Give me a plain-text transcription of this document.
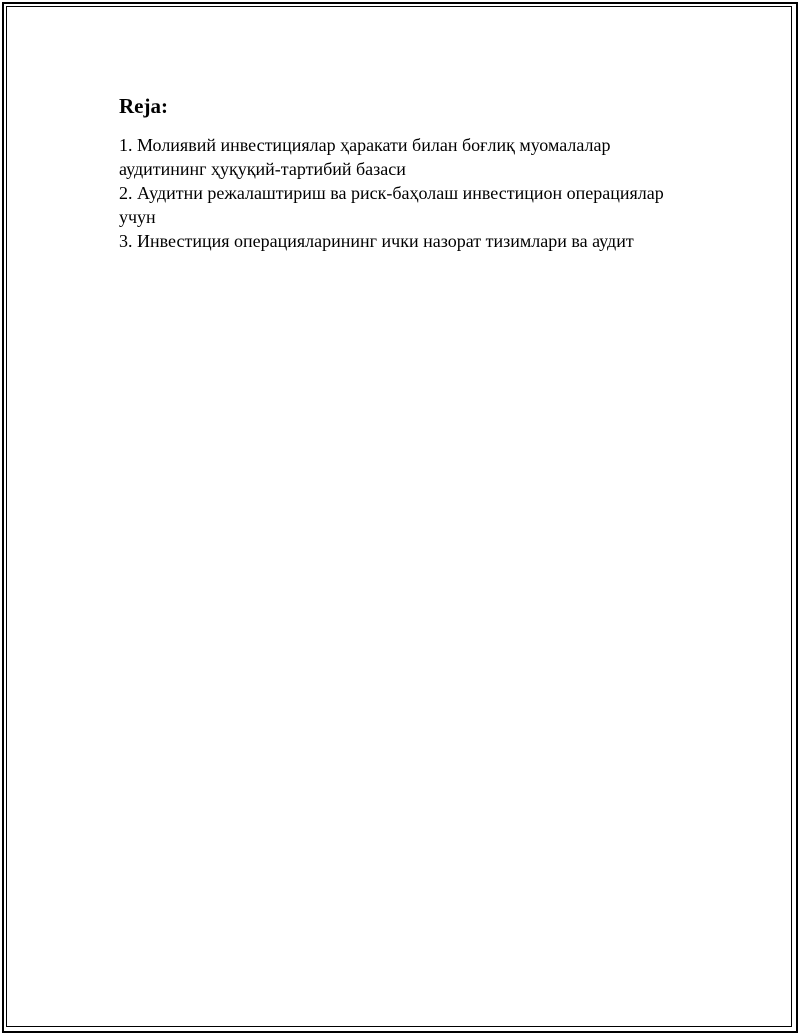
Reja:
1. Молиявий инвестициялар ҳаракати билан боғлиқ муомалалар аудитининг ҳуқуқий-тартибий базаси
2. Аудитни режалаштириш ва риск-баҳолаш инвестицион операциялар учун
3. Инвестиция операцияларининг ички назорат тизимлари ва аудит
